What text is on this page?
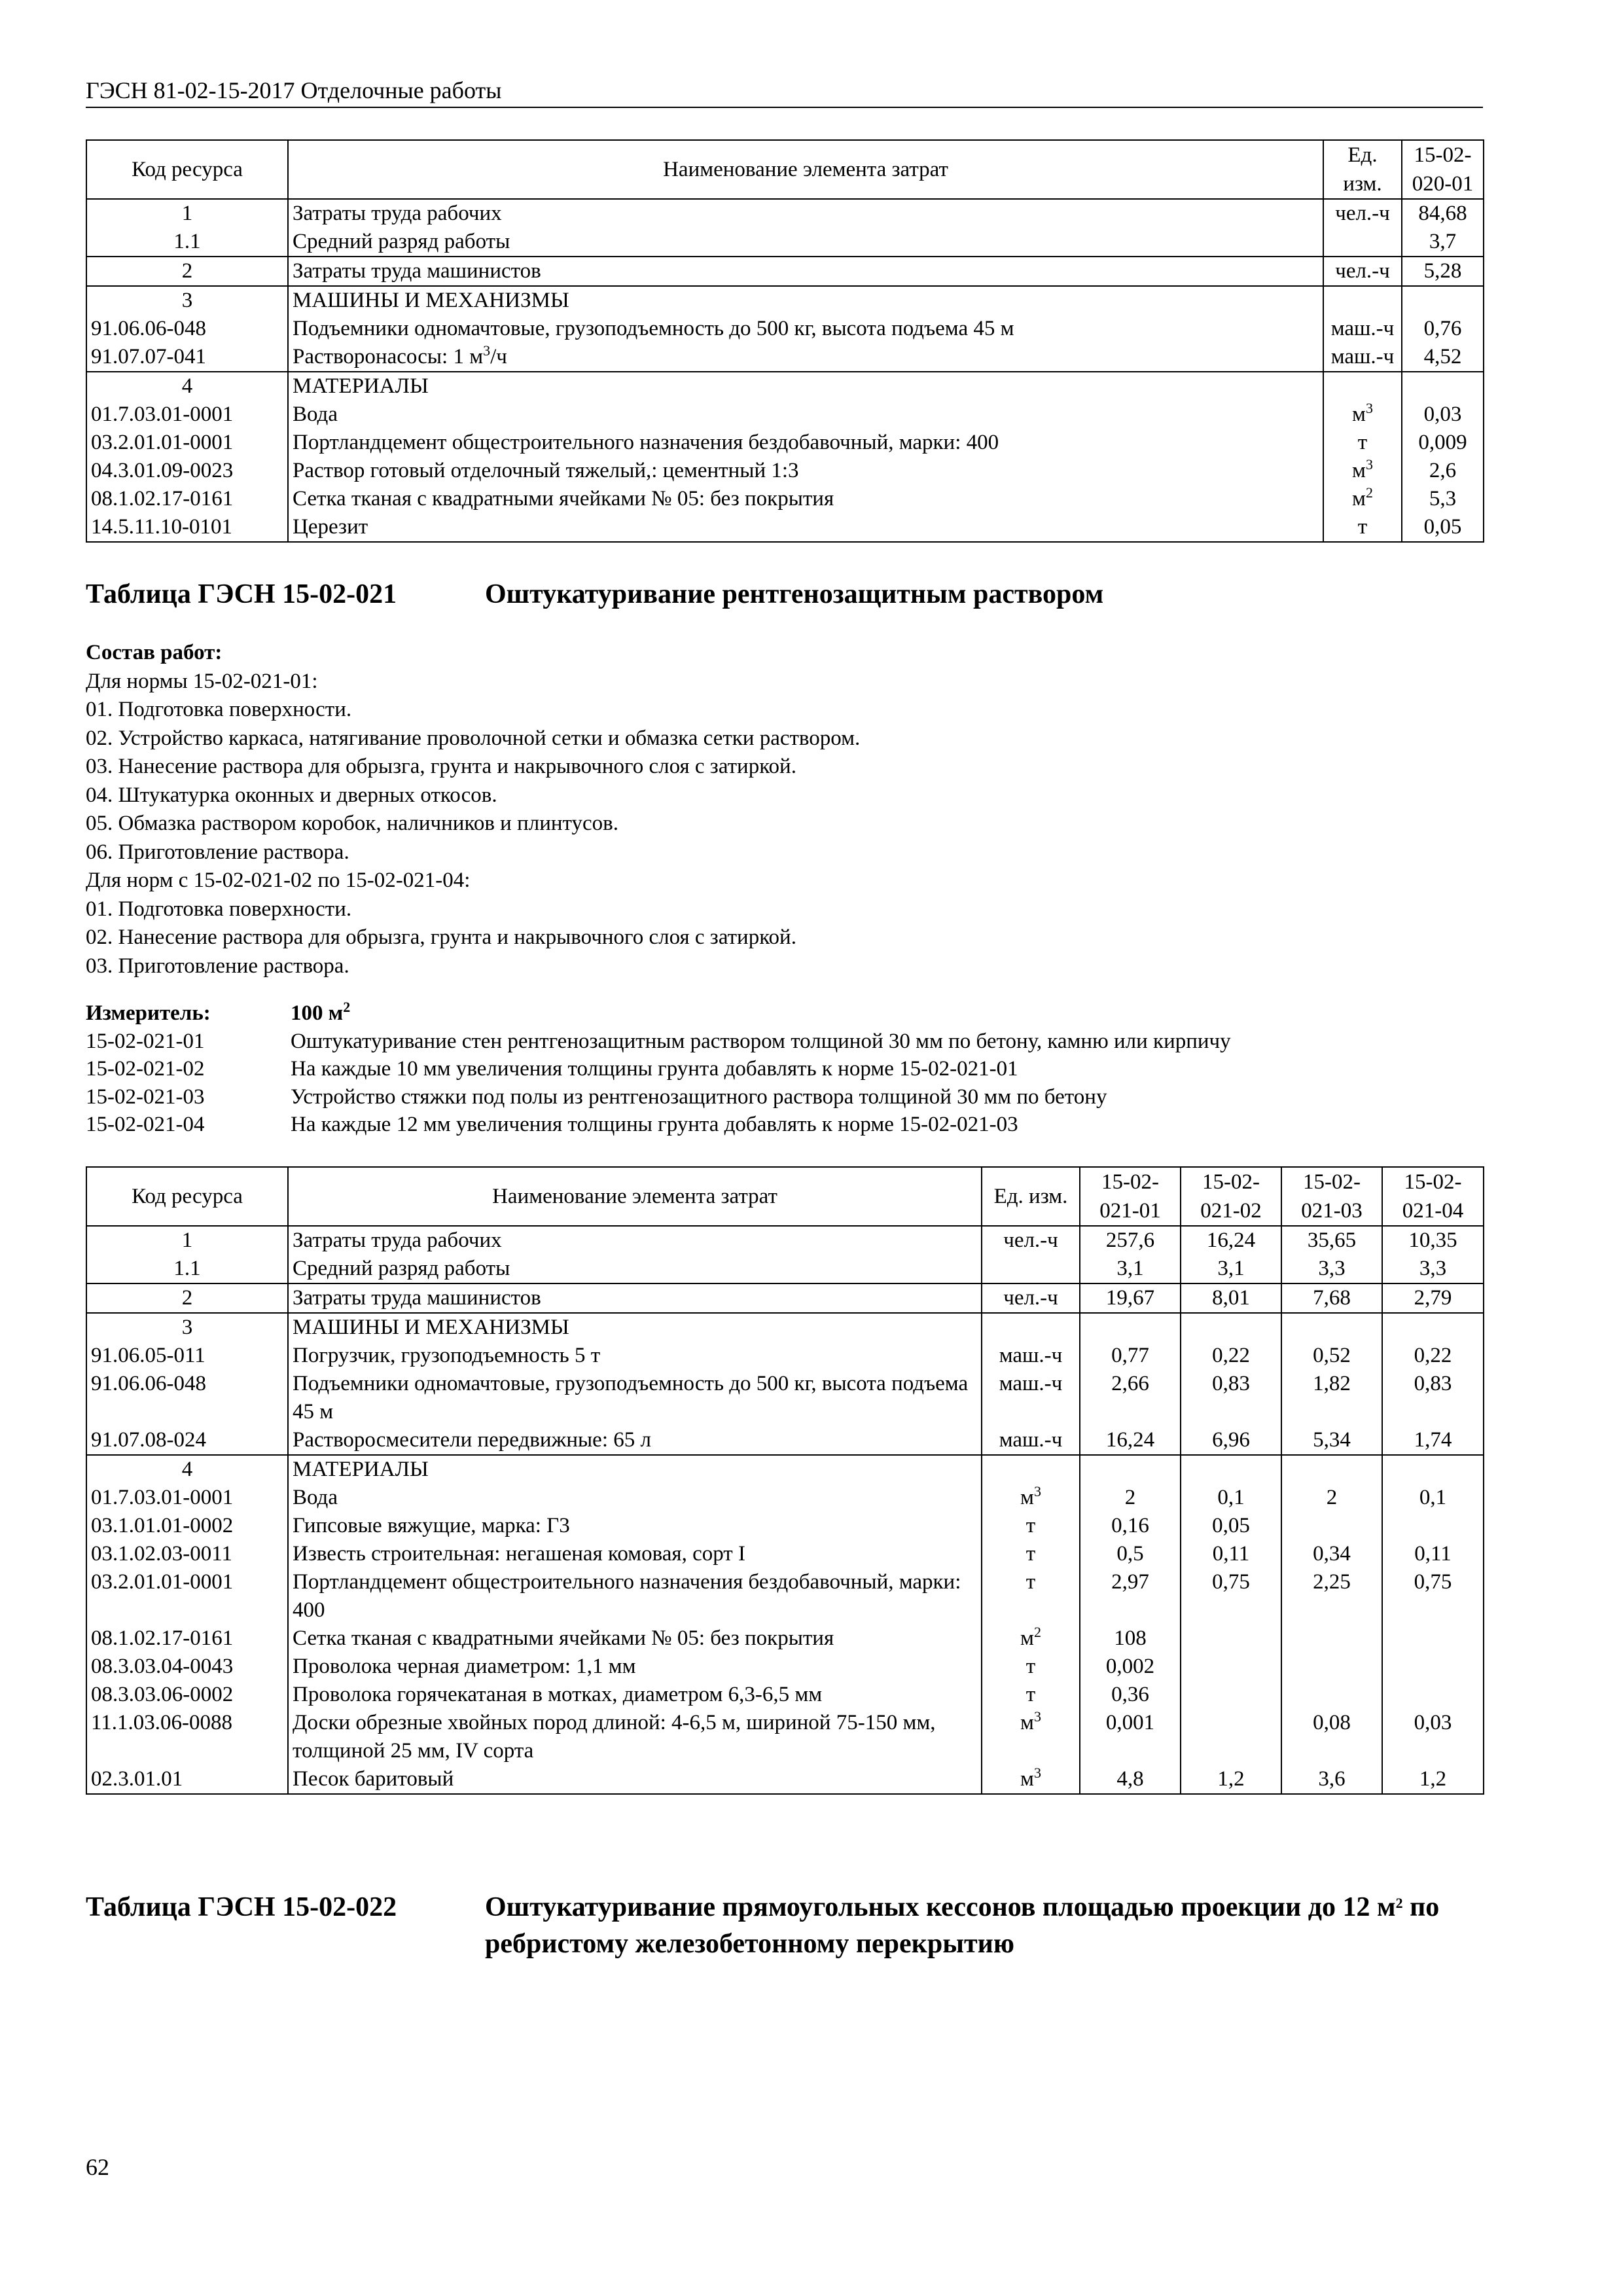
ГЭСН 81-02-15-2017 Отделочные работы
Код ресурса	Наименование элемента затрат	Ед. изм.	15-02-020-01
1	Затраты труда рабочих	чел.-ч	84,68
1.1	Средний разряд работы		3,7
2	Затраты труда машинистов	чел.-ч	5,28
3	МАШИНЫ И МЕХАНИЗМЫ		
91.06.06-048	Подъемники одномачтовые, грузоподъемность до 500 кг, высота подъема 45 м	маш.-ч	0,76
91.07.07-041	Растворонасосы: 1 $м^3/ч$	маш.-ч	4,52
4	МАТЕРИАЛЫ		
01.7.03.01-0001	Вода	$м^3$	0,03
03.2.01.01-0001	Портландцемент общестроительного назначения бездобавочный, марки: 400	т	0,009
04.3.01.09-0023	Раствор готовый отделочный тяжелый,: цементный 1:3	$м^3$	2,6
08.1.02.17-0161	Сетка тканая с квадратными ячейками № 05: без покрытия	$м^2$	5,3
14.5.11.10-0101	Церезит	т	0,05
Таблица ГЭСН 15-02-021	Оштукатуривание рентгенозащитным раствором
Состав работ:
Для нормы 15-02-021-01:
01. Подготовка поверхности.
02. Устройство каркаса, натягивание проволочной сетки и обмазка сетки раствором.
03. Нанесение раствора для обрызга, грунта и накрывочного слоя с затиркой.
04. Штукатурка оконных и дверных откосов.
05. Обмазка раствором коробок, наличников и плинтусов.
06. Приготовление раствора.
Для норм с 15-02-021-02 по 15-02-021-04:
01. Подготовка поверхности.
02. Нанесение раствора для обрызга, грунта и накрывочного слоя с затиркой.
03. Приготовление раствора.
Измеритель:	100 $м^2$
15-02-021-01	Оштукатуривание стен рентгенозащитным раствором толщиной 30 мм по бетону, камню или кирпичу
15-02-021-02	На каждые 10 мм увеличения толщины грунта добавлять к норме 15-02-021-01
15-02-021-03	Устройство стяжки под полы из рентгенозащитного раствора толщиной 30 мм по бетону
15-02-021-04	На каждые 12 мм увеличения толщины грунта добавлять к норме 15-02-021-03
Код ресурса	Наименование элемента затрат	Ед. изм.	15-02-021-01	15-02-021-02	15-02-021-03	15-02-021-04
1	Затраты труда рабочих	чел.-ч	257,6	16,24	35,65	10,35
1.1	Средний разряд работы		3,1	3,1	3,3	3,3
2	Затраты труда машинистов	чел.-ч	19,67	8,01	7,68	2,79
3	МАШИНЫ И МЕХАНИЗМЫ					
91.06.05-011	Погрузчик, грузоподъемность 5 т	маш.-ч	0,77	0,22	0,52	0,22
91.06.06-048	Подъемники одномачтовые, грузоподъемность до 500 кг, высота подъема 45 м	маш.-ч	2,66	0,83	1,82	0,83
91.07.08-024	Растворосмесители передвижные: 65 л	маш.-ч	16,24	6,96	5,34	1,74
4	МАТЕРИАЛЫ					
01.7.03.01-0001	Вода	$м^3$	2	0,1	2	0,1
03.1.01.01-0002	Гипсовые вяжущие, марка: Г3	т	0,16	0,05		
03.1.02.03-0011	Известь строительная: негашеная комовая, сорт I	т	0,5	0,11	0,34	0,11
03.2.01.01-0001	Портландцемент общестроительного назначения бездобавочный, марки: 400	т	2,97	0,75	2,25	0,75
08.1.02.17-0161	Сетка тканая с квадратными ячейками № 05: без покрытия	$м^2$	108			
08.3.03.04-0043	Проволока черная диаметром: 1,1 мм	т	0,002			
08.3.03.06-0002	Проволока горячекатаная в мотках, диаметром 6,3-6,5 мм	т	0,36			
11.1.03.06-0088	Доски обрезные хвойных пород длиной: 4-6,5 м, шириной 75-150 мм, толщиной 25 мм, IV сорта	$м^3$	0,001		0,08	0,03
02.3.01.01	Песок баритовый	$м^3$	4,8	1,2	3,6	1,2
Таблица ГЭСН 15-02-022	Оштукатуривание прямоугольных кессонов площадью проекции до 12 $м^2$ по ребристому железобетонному перекрытию
62
